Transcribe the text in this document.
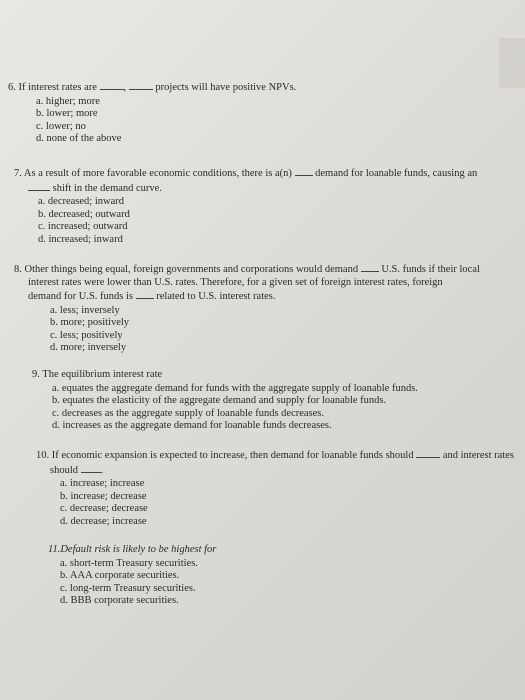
6. If interest rates are	,	projects will have positive NPVs.
a. higher; more
b. lower; more
c. lower; no
d. none of the above
7. As a result of more favorable economic conditions, there is a(n) demand for loanable funds, causing an
shift in the demand curve.
a. decreased; inward
b. decreased; outward
c. increased; outward
d. increased; inward
8. Other things being equal, foreign governments and corporations would demand U.S. funds if their local
interest rates were lower than U.S. rates. Therefore, for a given set of foreign interest rates, foreign
demand for U.S. funds is related to U.S. interest rates.
a. less; inversely
b. more; positively
c. less; positively
d. more; inversely
9. The equilibrium interest rate
a. equates the aggregate demand for funds with the aggregate supply of loanable funds.
b. equates the elasticity of the aggregate demand and supply for loanable funds.
c. decreases as the aggregate supply of loanable funds decreases.
d. increases as the aggregate demand for loanable funds decreases.
10. If economic expansion is expected to increase, then demand for loanable funds should	and interest rates
should .
a. increase; increase
b. increase; decrease
c. decrease; decrease
d. decrease; increase
11.Default risk is likely to be highest for
a. short-term Treasury securities.
b. AAA corporate securities.
c. long-term Treasury securities.
d. BBB corporate securities.
